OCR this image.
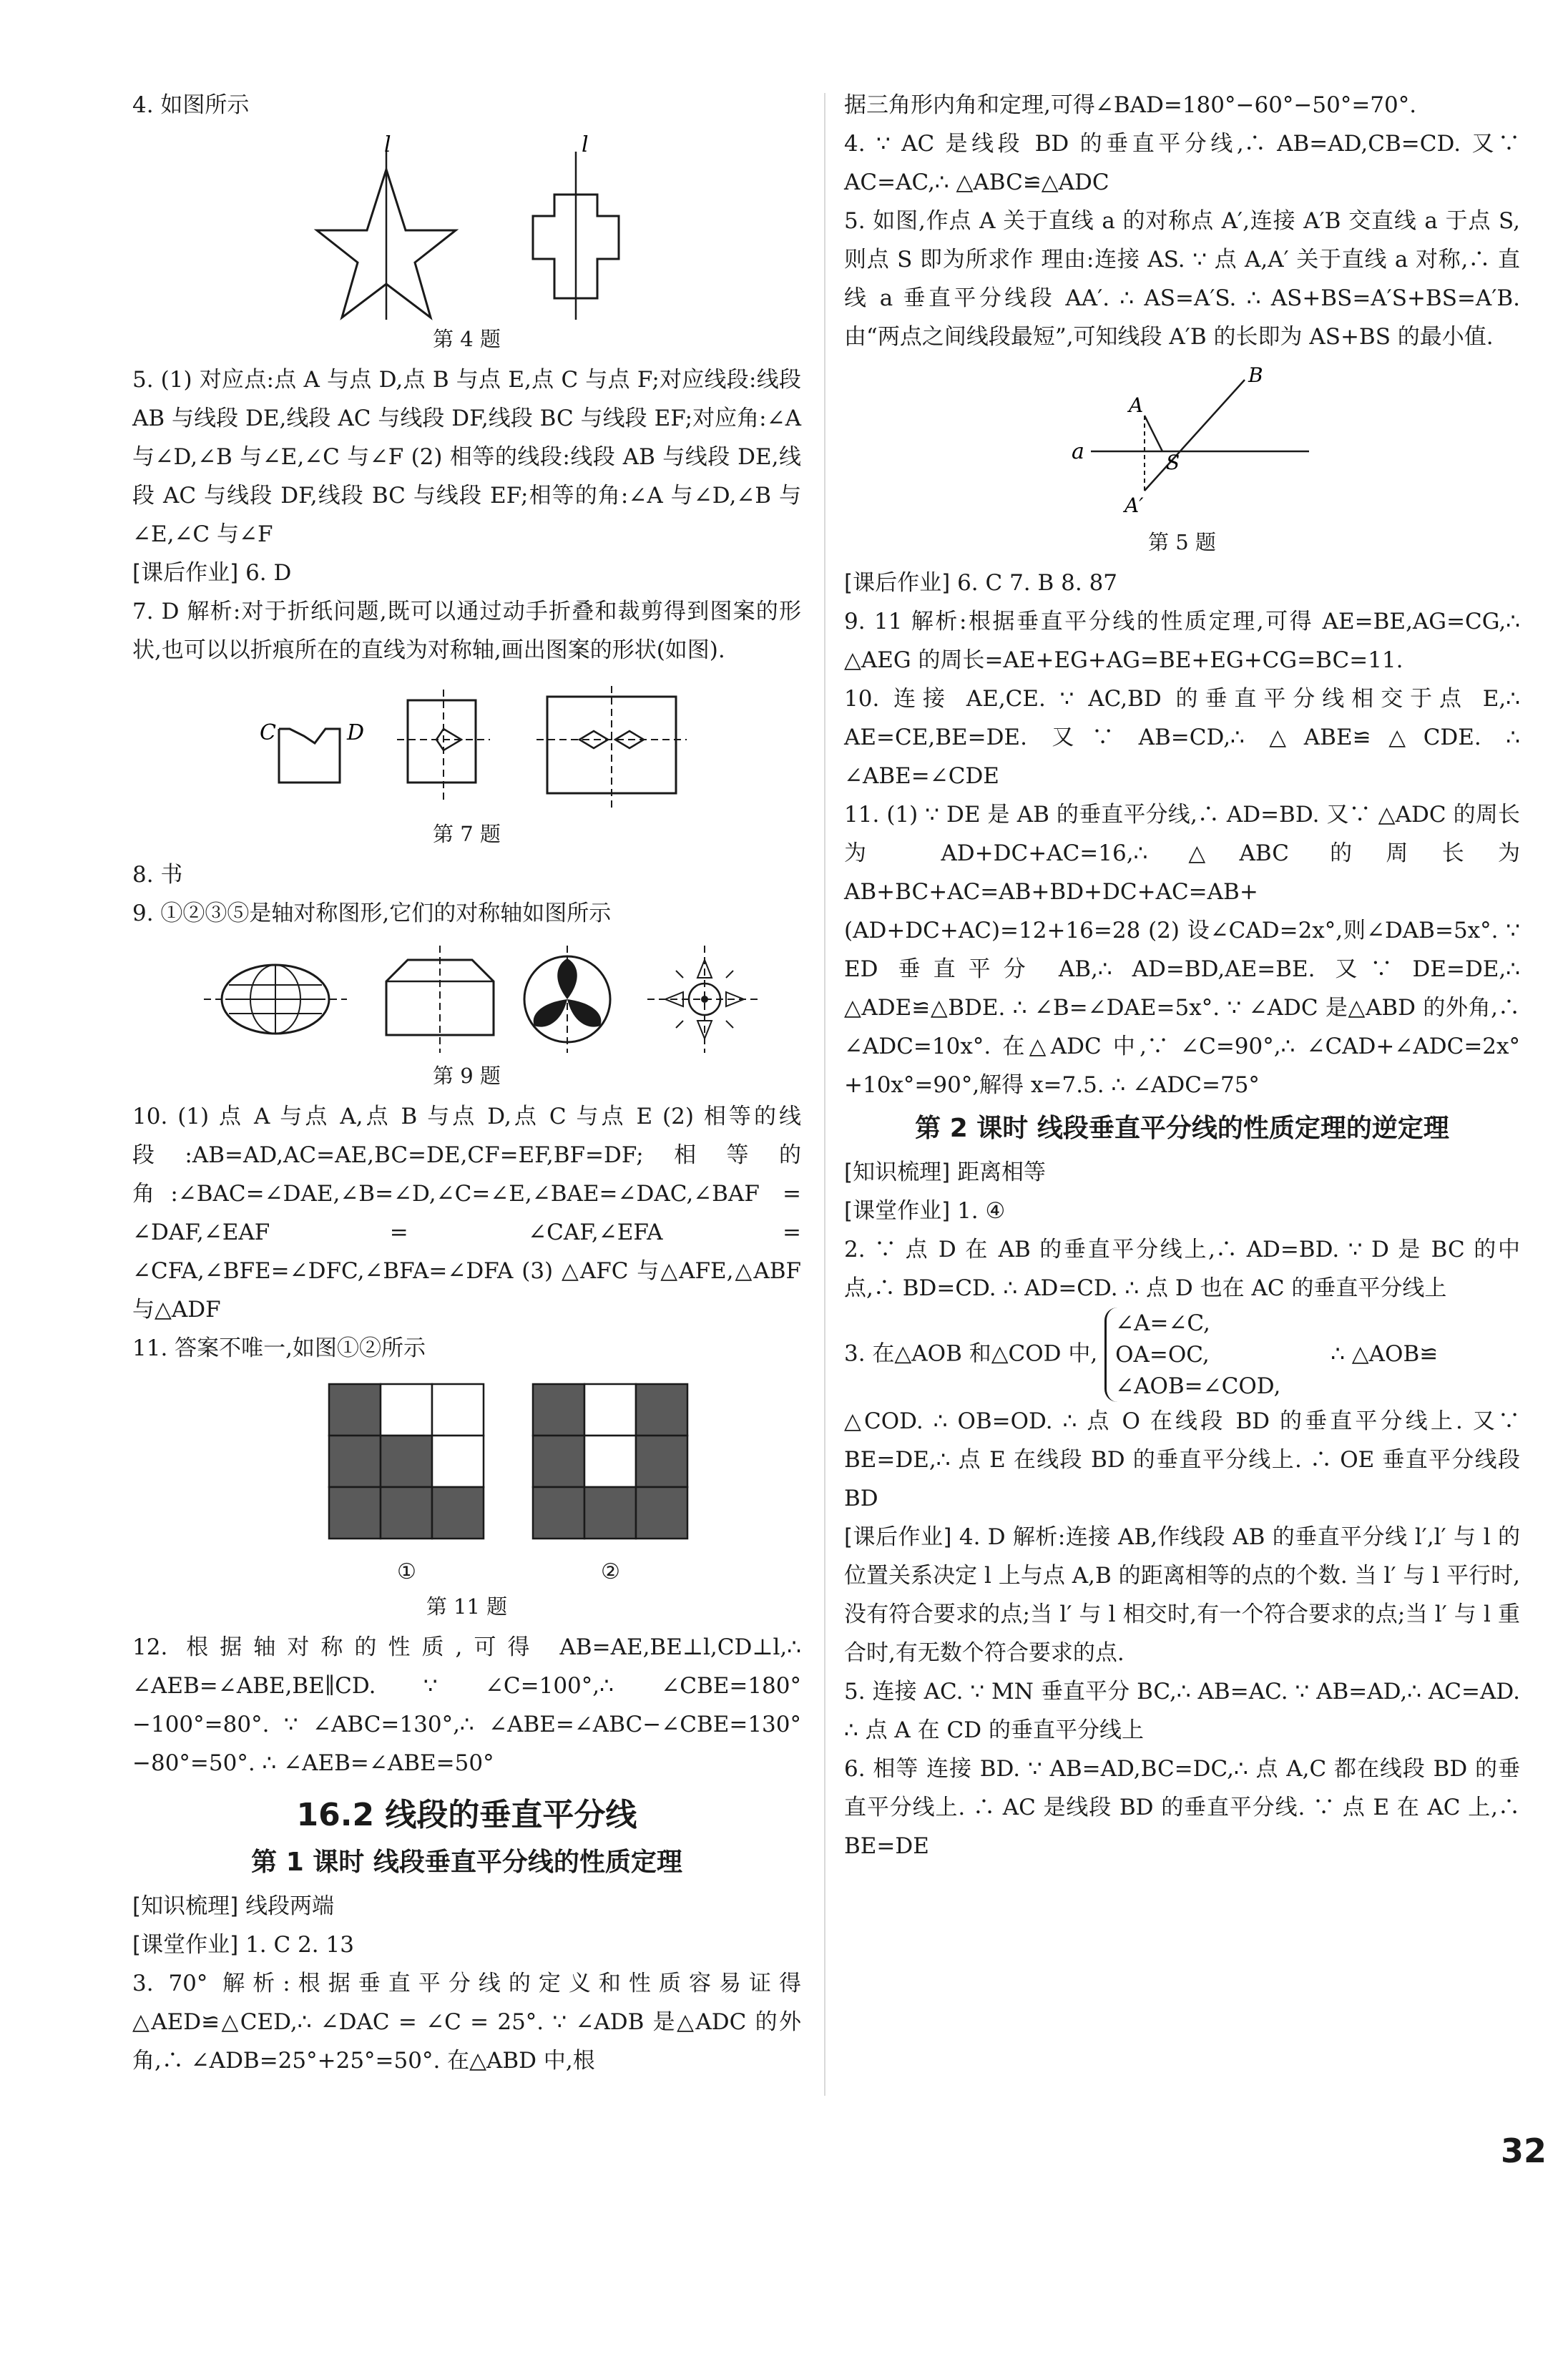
4. 如图所示

l	l
第 4 题

5. (1) 对应点:点 A 与点 D,点 B 与点 E,点 C 与点 F;对应线段:线段 AB 与线段 DE,线段 AC 与线段 DF,线段 BC 与线段 EF;对应角:∠A 与∠D,∠B 与∠E,∠C 与∠F (2) 相等的线段:线段 AB 与线段 DE,线段 AC 与线段 DF,线段 BC 与线段 EF;相等的角:∠A 与∠D,∠B 与∠E,∠C 与∠F

[课后作业] 6. D

7. D 解析:对于折纸问题,既可以通过动手折叠和裁剪得到图案的形状,也可以以折痕所在的直线为对称轴,画出图案的形状(如图).

C	D
第 7 题

8. 书

9. ①②③⑤是轴对称图形,它们的对称轴如图所示

第 9 题

10. (1) 点 A 与点 A,点 B 与点 D,点 C 与点 E (2) 相等的线段:AB=AD,AC=AE,BC=DE,CF=EF,BF=DF;相等的角:∠BAC=∠DAE,∠B=∠D,∠C=∠E,∠BAE=∠DAC,∠BAF = ∠DAF,∠EAF = ∠CAF,∠EFA = ∠CFA,∠BFE=∠DFC,∠BFA=∠DFA (3) △AFC 与△AFE,△ABF 与△ADF

11. 答案不唯一,如图①②所示

①	②
第 11 题

12. 根据轴对称的性质,可得 AB=AE,BE⊥l,CD⊥l,∴ ∠AEB=∠ABE,BE∥CD. ∵ ∠C=100°,∴ ∠CBE=180°−100°=80°. ∵ ∠ABC=130°,∴ ∠ABE=∠ABC−∠CBE=130°−80°=50°. ∴ ∠AEB=∠ABE=50°

16.2 线段的垂直平分线
第 1 课时 线段垂直平分线的性质定理

[知识梳理] 线段两端

[课堂作业] 1. C 2. 13

3. 70° 解析:根据垂直平分线的定义和性质容易证得△AED≌△CED,∴ ∠DAC = ∠C = 25°. ∵ ∠ADB 是△ADC 的外角,∴ ∠ADB=25°+25°=50°. 在△ABD 中,根

据三角形内角和定理,可得∠BAD=180°−60°−50°=70°.

4. ∵ AC 是线段 BD 的垂直平分线,∴ AB=AD,CB=CD. 又∵ AC=AC,∴ △ABC≌△ADC

5. 如图,作点 A 关于直线 a 的对称点 A′,连接 A′B 交直线 a 于点 S,则点 S 即为所求作 理由:连接 AS. ∵ 点 A,A′ 关于直线 a 对称,∴ 直线 a 垂直平分线段 AA′. ∴ AS=A′S. ∴ AS+BS=A′S+BS=A′B. 由“两点之间线段最短”,可知线段 A′B 的长即为 AS+BS 的最小值.

a
A
B
S
A′
第 5 题

[课后作业] 6. C 7. B 8. 87

9. 11 解析:根据垂直平分线的性质定理,可得 AE=BE,AG=CG,∴ △AEG 的周长=AE+EG+AG=BE+EG+CG=BC=11.

10. 连接 AE,CE. ∵ AC,BD 的垂直平分线相交于点 E,∴ AE=CE,BE=DE. 又∵ AB=CD,∴ △ABE≌△CDE. ∴ ∠ABE=∠CDE

11. (1) ∵ DE 是 AB 的垂直平分线,∴ AD=BD. 又∵ △ADC 的周长为 AD+DC+AC=16,∴ △ABC 的周长为 AB+BC+AC=AB+BD+DC+AC=AB+(AD+DC+AC)=12+16=28 (2) 设∠CAD=2x°,则∠DAB=5x°. ∵ ED 垂直平分 AB,∴ AD=BD,AE=BE. 又∵ DE=DE,∴ △ADE≌△BDE. ∴ ∠B=∠DAE=5x°. ∵ ∠ADC 是△ABD 的外角,∴ ∠ADC=10x°. 在△ADC 中,∵ ∠C=90°,∴ ∠CAD+∠ADC=2x°+10x°=90°,解得 x=7.5. ∴ ∠ADC=75°

第 2 课时 线段垂直平分线的性质定理的逆定理

[知识梳理] 距离相等

[课堂作业] 1. ④

2. ∵ 点 D 在 AB 的垂直平分线上,∴ AD=BD. ∵ D 是 BC 的中点,∴ BD=CD. ∴ AD=CD. ∴ 点 D 也在 AC 的垂直平分线上

3. 在△AOB 和△COD 中,
∠A=∠C,
OA=OC,
∠AOB=∠COD,
∴ △AOB≌

△COD. ∴ OB=OD. ∴ 点 O 在线段 BD 的垂直平分线上. 又∵ BE=DE,∴ 点 E 在线段 BD 的垂直平分线上. ∴ OE 垂直平分线段 BD

[课后作业] 4. D 解析:连接 AB,作线段 AB 的垂直平分线 l′,l′ 与 l 的位置关系决定 l 上与点 A,B 的距离相等的点的个数. 当 l′ 与 l 平行时,没有符合要求的点;当 l′ 与 l 相交时,有一个符合要求的点;当 l′ 与 l 重合时,有无数个符合要求的点.

5. 连接 AC. ∵ MN 垂直平分 BC,∴ AB=AC. ∵ AB=AD,∴ AC=AD. ∴ 点 A 在 CD 的垂直平分线上

6. 相等 连接 BD. ∵ AB=AD,BC=DC,∴ 点 A,C 都在线段 BD 的垂直平分线上. ∴ AC 是线段 BD 的垂直平分线. ∵ 点 E 在 AC 上,∴ BE=DE

32
